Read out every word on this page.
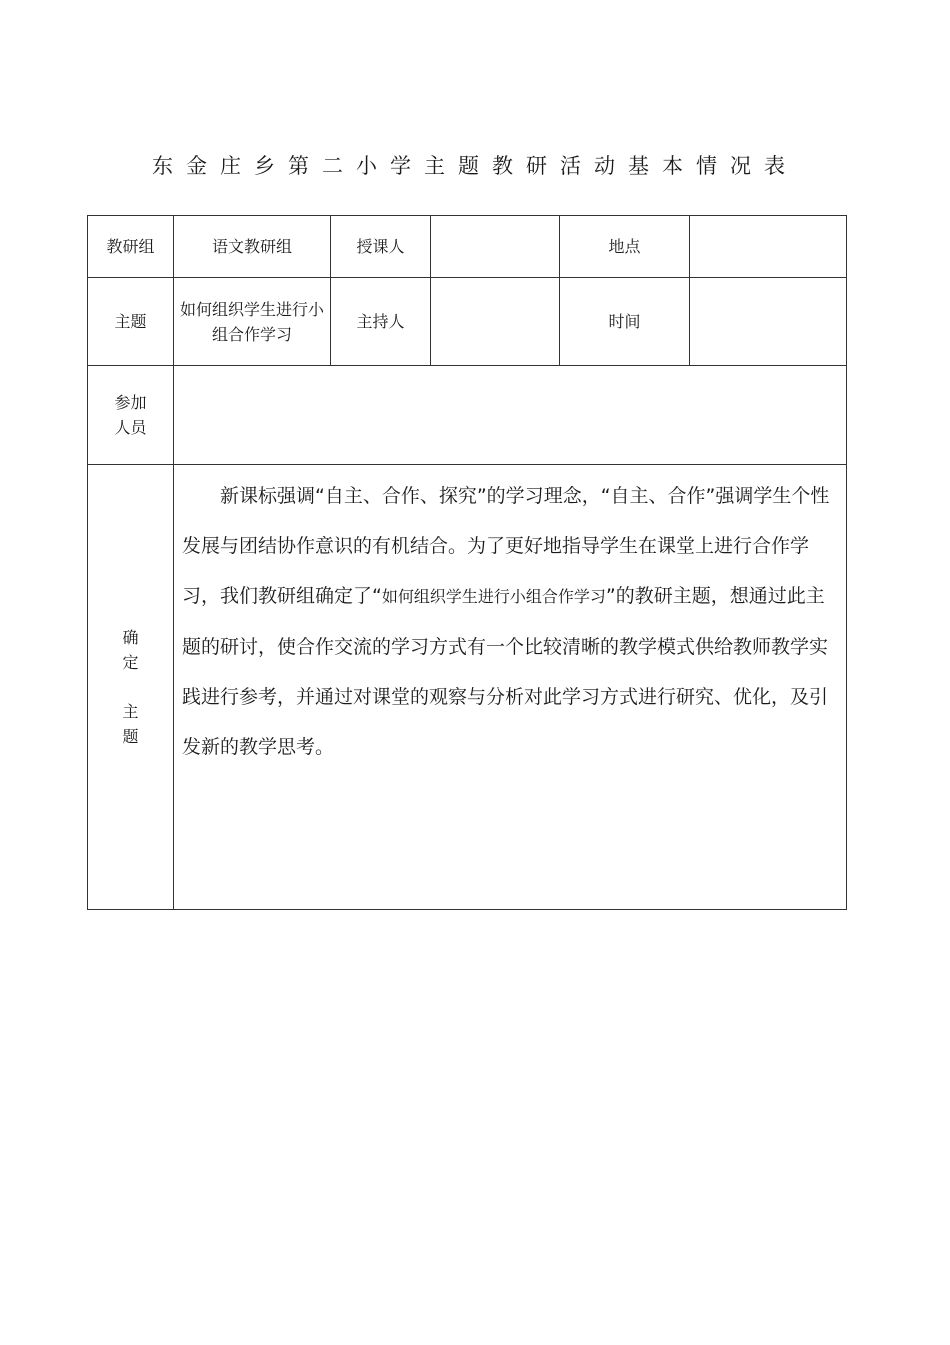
东金庄乡第二小学主题教研活动基本情况表
教研组	语文教研组	授课人		地点	
主题	如何组织学生进行小组合作学习	主持人		时间	

参加
人员					

确
定
主
题	新课标强调“自主、合作、探究”的学习理念，“自主、合作”强调学生个性发展与团结协作意识的有机结合。为了更好地指导学生在课堂上进行合作学习，我们教研组确定了“如何组织学生进行小组合作学习”的教研主题，想通过此主题的研讨，使合作交流的学习方式有一个比较清晰的教学模式供给教师教学实践进行参考，并通过对课堂的观察与分析对此学习方式进行研究、优化，及引发新的教学思考。				
